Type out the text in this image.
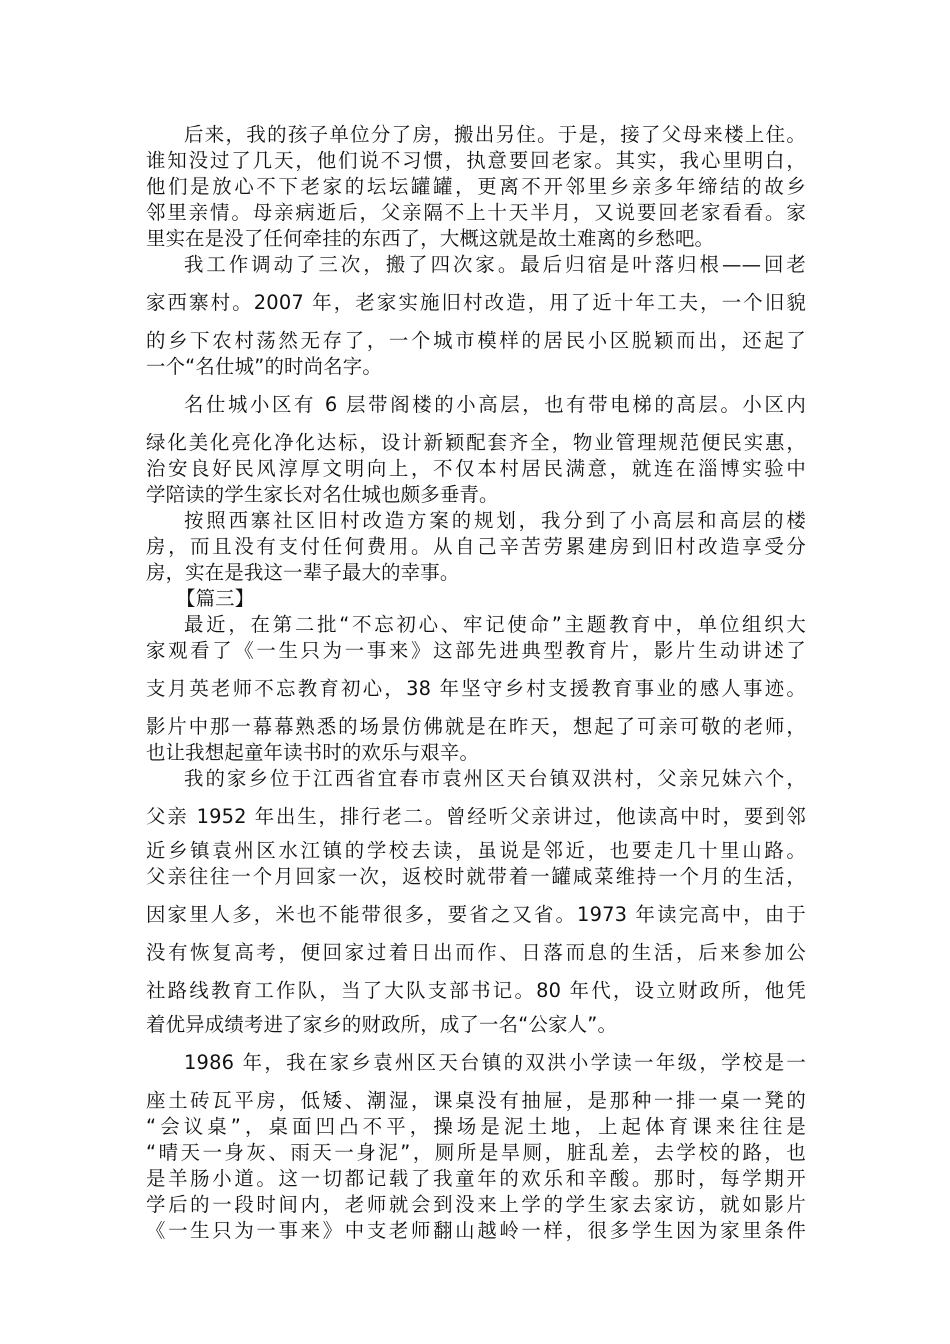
后来，我的孩子单位分了房，搬出另住。于是，接了父母来楼上住。
谁知没过了几天，他们说不习惯，执意要回老家。其实，我心里明白，
他们是放心不下老家的坛坛罐罐，更离不开邻里乡亲多年缔结的故乡
邻里亲情。母亲病逝后，父亲隔不上十天半月，又说要回老家看看。家
里实在是没了任何牵挂的东西了，大概这就是故土难离的乡愁吧。
我工作调动了三次，搬了四次家。最后归宿是叶落归根——回老
家西寨村。2007 年，老家实施旧村改造，用了近十年工夫，一个旧貌
的乡下农村荡然无存了，一个城市模样的居民小区脱颖而出，还起了
一个“名仕城”的时尚名字。
名仕城小区有 6 层带阁楼的小高层，也有带电梯的高层。小区内
绿化美化亮化净化达标，设计新颖配套齐全，物业管理规范便民实惠，
治安良好民风淳厚文明向上，不仅本村居民满意，就连在淄博实验中
学陪读的学生家长对名仕城也颇多垂青。
按照西寨社区旧村改造方案的规划，我分到了小高层和高层的楼
房，而且没有支付任何费用。从自己辛苦劳累建房到旧村改造享受分
房，实在是我这一辈子最大的幸事。
【篇三】
最近，在第二批“不忘初心、牢记使命”主题教育中，单位组织大
家观看了《一生只为一事来》这部先进典型教育片，影片生动讲述了
支月英老师不忘教育初心，38 年坚守乡村支援教育事业的感人事迹。
影片中那一幕幕熟悉的场景仿佛就是在昨天，想起了可亲可敬的老师，
也让我想起童年读书时的欢乐与艰辛。
我的家乡位于江西省宜春市袁州区天台镇双洪村，父亲兄妹六个，
父亲 1952 年出生，排行老二。曾经听父亲讲过，他读高中时，要到邻
近乡镇袁州区水江镇的学校去读，虽说是邻近，也要走几十里山路。
父亲往往一个月回家一次，返校时就带着一罐咸菜维持一个月的生活，
因家里人多，米也不能带很多，要省之又省。1973 年读完高中，由于
没有恢复高考，便回家过着日出而作、日落而息的生活，后来参加公
社路线教育工作队，当了大队支部书记。80 年代，设立财政所，他凭
着优异成绩考进了家乡的财政所，成了一名“公家人”。
1986 年，我在家乡袁州区天台镇的双洪小学读一年级，学校是一
座土砖瓦平房，低矮、潮湿，课桌没有抽屉，是那种一排一桌一凳的
“会议桌”，桌面凹凸不平，操场是泥土地，上起体育课来往往是
“晴天一身灰、雨天一身泥”，厕所是旱厕，脏乱差，去学校的路，也
是羊肠小道。这一切都记载了我童年的欢乐和辛酸。那时，每学期开
学后的一段时间内，老师就会到没来上学的学生家去家访，就如影片
《一生只为一事来》中支老师翻山越岭一样，很多学生因为家里条件
